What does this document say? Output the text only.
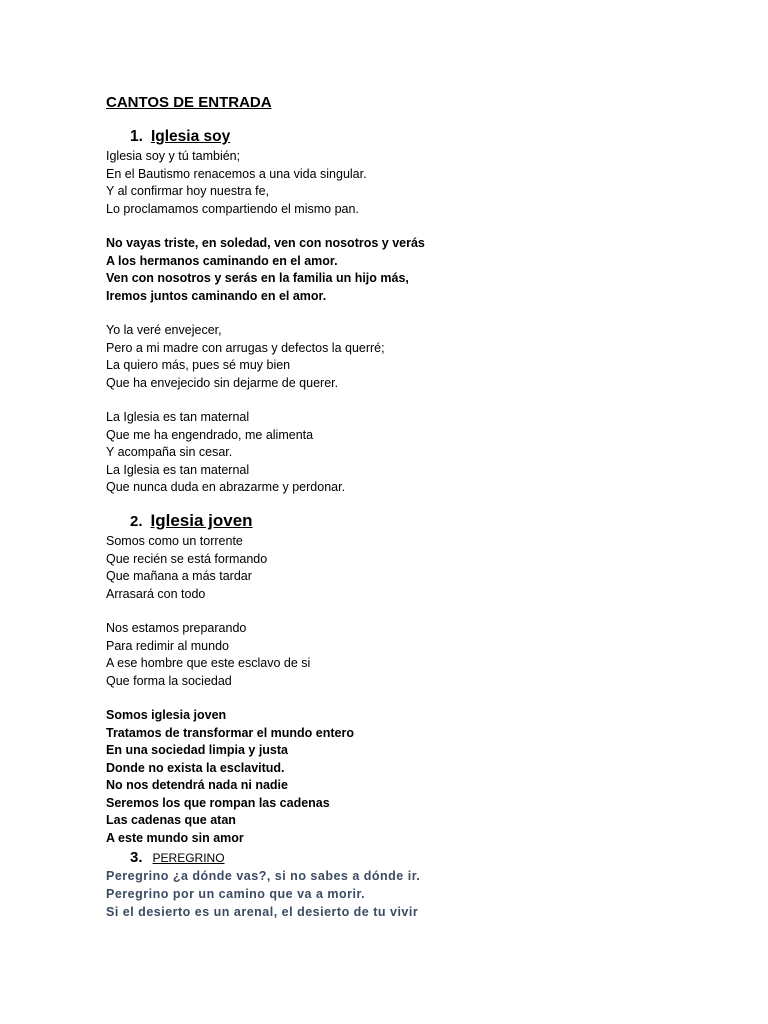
CANTOS DE ENTRADA
1. Iglesia soy

Iglesia soy y tú también;

En el Bautismo renacemos a una vida singular.

Y al confirmar hoy nuestra fe,

Lo proclamamos compartiendo el mismo pan.

No vayas triste, en soledad, ven con nosotros y verás

A los hermanos caminando en el amor.

Ven con nosotros y serás en la familia un hijo más,

Iremos juntos caminando en el amor.

Yo la veré envejecer,

Pero a mi madre con arrugas y defectos la querré;

La quiero más, pues sé muy bien

Que ha envejecido sin dejarme de querer.

La Iglesia es tan maternal

Que me ha engendrado, me alimenta

Y acompaña sin cesar.

La Iglesia es tan maternal

Que nunca duda en abrazarme y perdonar.

2. Iglesia joven

Somos como un torrente

Que recién se está formando

Que mañana a más tardar

Arrasará con todo

Nos estamos preparando

Para redimir al mundo

A ese hombre que este esclavo de si

Que forma la sociedad

Somos iglesia joven

Tratamos de transformar el mundo entero

En una sociedad limpia y justa

Donde no exista la esclavitud.

No nos detendrá nada ni nadie

Seremos los que rompan las cadenas

Las cadenas que atan

A este mundo sin amor

3. PEREGRINO

Peregrino ¿a dónde vas?, si no sabes a dónde ir.

Peregrino por un camino que va a morir.

Si el desierto es un arenal, el desierto de tu vivir
